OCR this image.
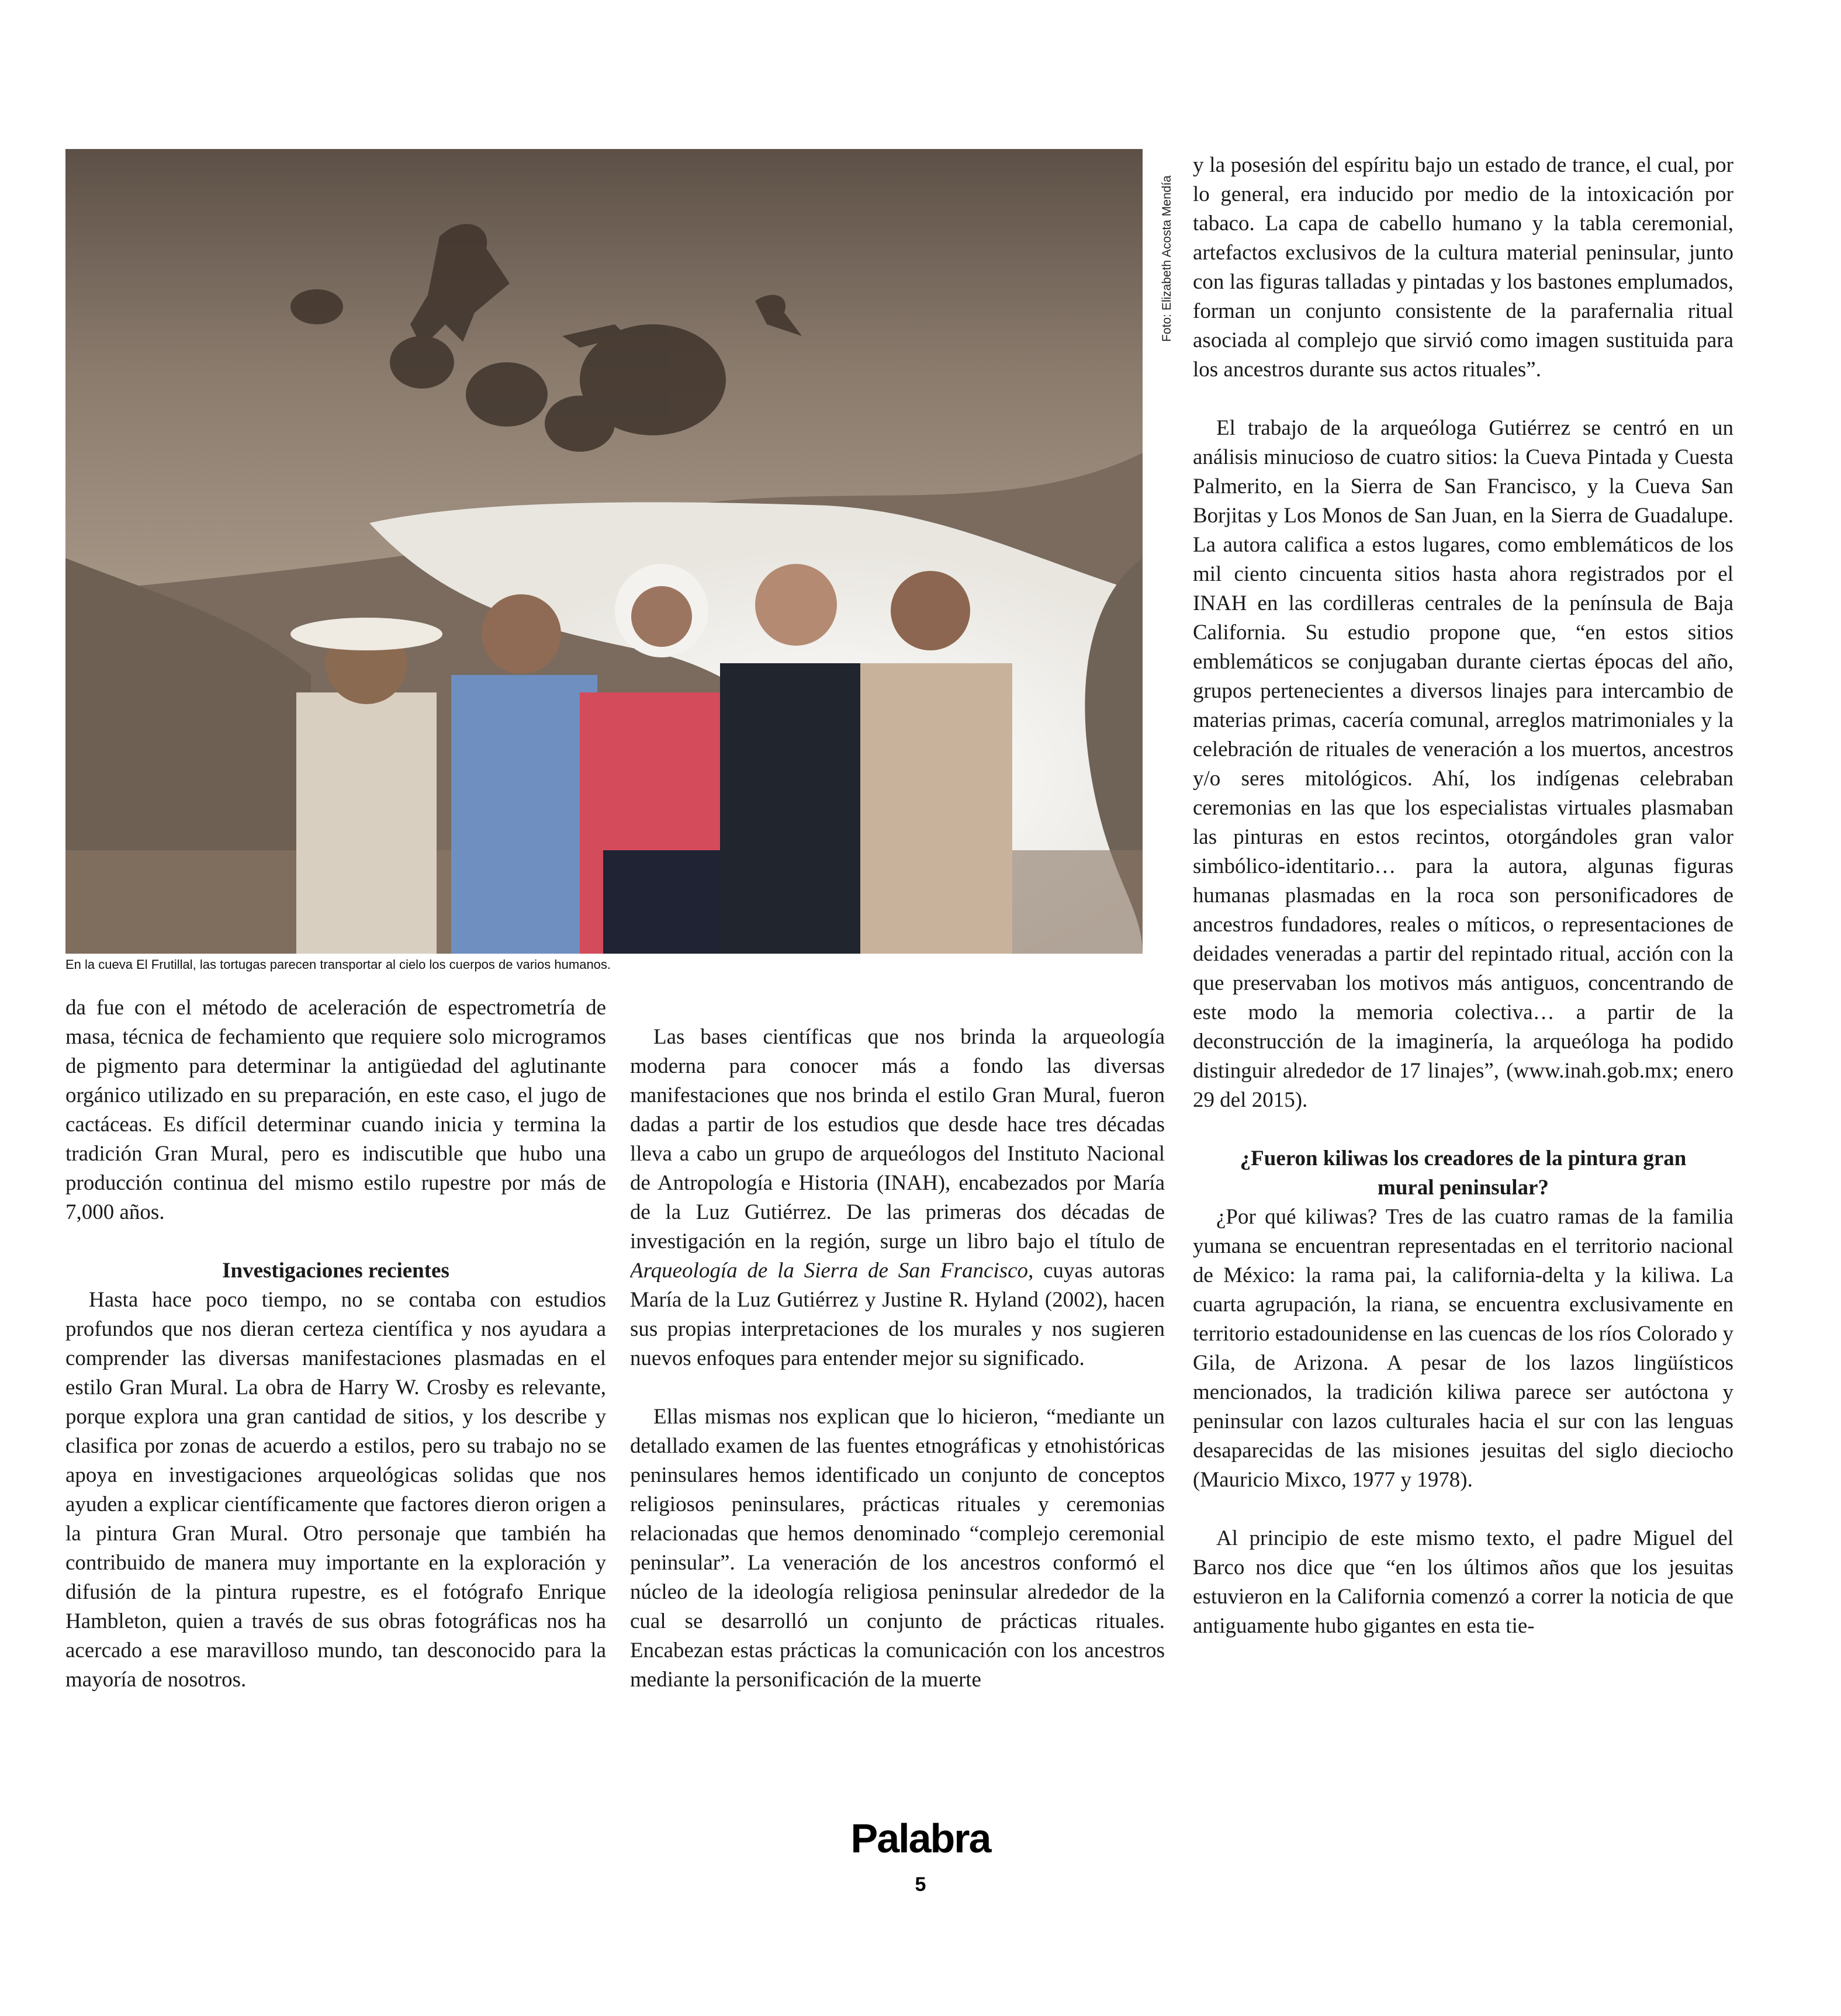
Foto: Elizabeth Acosta Mendía
En la cueva El Frutillal, las tortugas parecen transportar al cielo los cuerpos de varios humanos.

da fue con el método de aceleración de espectrometría de masa, técnica de fechamiento que requiere solo microgramos de pigmento para determinar la antigüedad del aglutinante orgánico utilizado en su preparación, en este caso, el jugo de cactáceas. Es difícil determinar cuando inicia y termina la tradición Gran Mural, pero es indiscutible que hubo una producción continua del mismo estilo rupestre por más de 7,000 años.

Investigaciones recientes

Hasta hace poco tiempo, no se contaba con estudios profundos que nos dieran certeza científica y nos ayudara a comprender las diversas manifestaciones plasmadas en el estilo Gran Mural. La obra de Harry W. Crosby es relevante, porque explora una gran cantidad de sitios, y los describe y clasifica por zonas de acuerdo a estilos, pero su trabajo no se apoya en investigaciones arqueológicas solidas que nos ayuden a explicar científicamente que factores dieron origen a la pintura Gran Mural. Otro personaje que también ha contribuido de manera muy importante en la exploración y difusión de la pintura rupestre, es el fotógrafo Enrique Hambleton, quien a través de sus obras fotográficas nos ha acercado a ese maravilloso mundo, tan desconocido para la mayoría de nosotros.

Las bases científicas que nos brinda la arqueología moderna para conocer más a fondo las diversas manifestaciones que nos brinda el estilo Gran Mural, fueron dadas a partir de los estudios que desde hace tres décadas lleva a cabo un grupo de arqueólogos del Instituto Nacional de Antropología e Historia (INAH), encabezados por María de la Luz Gutiérrez. De las primeras dos décadas de investigación en la región, surge un libro bajo el título de Arqueología de la Sierra de San Francisco, cuyas autoras María de la Luz Gutiérrez y Justine R. Hyland (2002), hacen sus propias interpretaciones de los murales y nos sugieren nuevos enfoques para entender mejor su significado.

Ellas mismas nos explican que lo hicieron, “mediante un detallado examen de las fuentes etnográficas y etnohistóricas peninsulares hemos identificado un conjunto de conceptos religiosos peninsulares, prácticas rituales y ceremonias relacionadas que hemos denominado “complejo ceremonial peninsular”. La veneración de los ancestros conformó el núcleo de la ideología religiosa peninsular alrededor de la cual se desarrolló un conjunto de prácticas rituales. Encabezan estas prácticas la comunicación con los ancestros mediante la personificación de la muerte

y la posesión del espíritu bajo un estado de trance, el cual, por lo general, era inducido por medio de la intoxicación por tabaco. La capa de cabello humano y la tabla ceremonial, artefactos exclusivos de la cultura material peninsular, junto con las figuras talladas y pintadas y los bastones emplumados, forman un conjunto consistente de la parafernalia ritual asociada al complejo que sirvió como imagen sustituida para los ancestros durante sus actos rituales”.

El trabajo de la arqueóloga Gutiérrez se centró en un análisis minucioso de cuatro sitios: la Cueva Pintada y Cuesta Palmerito, en la Sierra de San Francisco, y la Cueva San Borjitas y Los Monos de San Juan, en la Sierra de Guadalupe. La autora califica a estos lugares, como emblemáticos de los mil ciento cincuenta sitios hasta ahora registrados por el INAH en las cordilleras centrales de la península de Baja California. Su estudio propone que, “en estos sitios emblemáticos se conjugaban durante ciertas épocas del año, grupos pertenecientes a diversos linajes para intercambio de materias primas, cacería comunal, arreglos matrimoniales y la celebración de rituales de veneración a los muertos, ancestros y/o seres mitológicos. Ahí, los indígenas celebraban ceremonias en las que los especialistas virtuales plasmaban las pinturas en estos recintos, otorgándoles gran valor simbólico-identitario… para la autora, algunas figuras humanas plasmadas en la roca son personificadores de ancestros fundadores, reales o míticos, o representaciones de deidades veneradas a partir del repintado ritual, acción con la que preservaban los motivos más antiguos, concentrando de este modo la memoria colectiva… a partir de la deconstrucción de la imaginería, la arqueóloga ha podido distinguir alrededor de 17 linajes”, (www.inah.gob.mx; enero 29 del 2015).

¿Fueron kiliwas los creadores de la pintura gran mural peninsular?

¿Por qué kiliwas? Tres de las cuatro ramas de la familia yumana se encuentran representadas en el territorio nacional de México: la rama pai, la california-delta y la kiliwa. La cuarta agrupación, la riana, se encuentra exclusivamente en territorio estadounidense en las cuencas de los ríos Colorado y Gila, de Arizona. A pesar de los lazos lingüísticos mencionados, la tradición kiliwa parece ser autóctona y peninsular con lazos culturales hacia el sur con las lenguas desaparecidas de las misiones jesuitas del siglo dieciocho (Mauricio Mixco, 1977 y 1978).

Al principio de este mismo texto, el padre Miguel del Barco nos dice que “en los últimos años que los jesuitas estuvieron en la California comenzó a correr la noticia de que antiguamente hubo gigantes en esta tie-

Palabra
5
